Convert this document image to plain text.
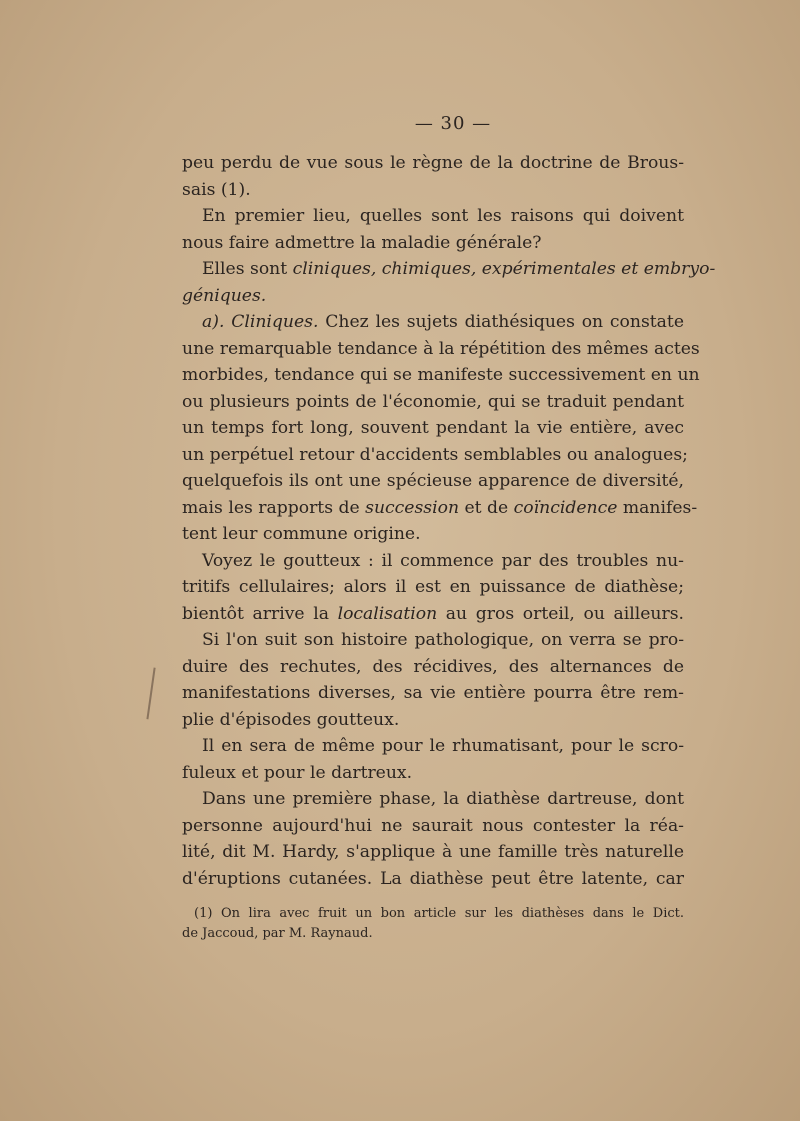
— 30 —
peu perdu de vue sous le règne de la doctrine de Brous-
sais (1).
En premier lieu, quelles sont les raisons qui doivent
nous faire admettre la maladie générale?
Elles sont cliniques, chimiques, expérimentales et embryo-
géniques.
a). Cliniques. Chez les sujets diathésiques on constate
une remarquable tendance à la répétition des mêmes actes
morbides, tendance qui se manifeste successivement en un
ou plusieurs points de l'économie, qui se traduit pendant
un temps fort long, souvent pendant la vie entière, avec
un perpétuel retour d'accidents semblables ou analogues;
quelquefois ils ont une spécieuse apparence de diversité,
mais les rapports de succession et de coïncidence manifes-
tent leur commune origine.
Voyez le goutteux : il commence par des troubles nu-
tritifs cellulaires; alors il est en puissance de diathèse;
bientôt arrive la localisation au gros orteil, ou ailleurs.
Si l'on suit son histoire pathologique, on verra se pro-
duire des rechutes, des récidives, des alternances de
manifestations diverses, sa vie entière pourra être rem-
plie d'épisodes goutteux.
Il en sera de même pour le rhumatisant, pour le scro-
fuleux et pour le dartreux.
Dans une première phase, la diathèse dartreuse, dont
personne aujourd'hui ne saurait nous contester la réa-
lité, dit M. Hardy, s'applique à une famille très naturelle
d'éruptions cutanées. La diathèse peut être latente, car
(1) On lira avec fruit un bon article sur les diathèses dans le Dict.
de Jaccoud, par M. Raynaud.
